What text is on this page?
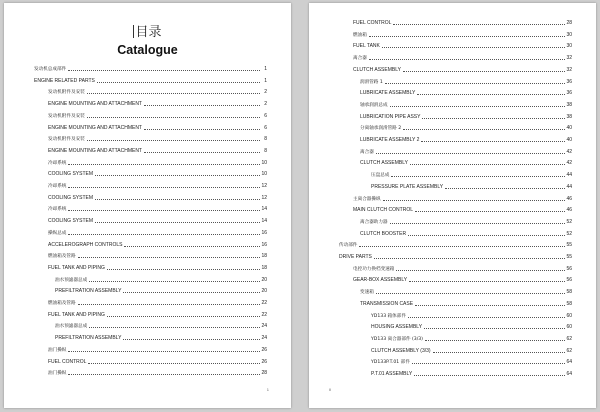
目录
Catalogue
发动机总成部件	1
ENGINE RELATED PARTS	1
发动机附件及安装	2
ENGINE MOUNTING AND ATTACHMENT	2
发动机附件及安装	6
ENGINE MOUNTING AND ATTACHMENT	6
发动机附件及安装	8
ENGINE MOUNTING AND ATTACHMENT	8
冷却系统	10
COOLING SYSTEM	10
冷却系统	12
COOLING SYSTEM	12
冷却系统	14
COOLING SYSTEM	14
操纵总成	16
ACCELEROGRAPH CONTROLS	16
燃油箱及管路	18
FUEL TANK AND PIPING	18
油水预滤器总成	20
PREFILTRATION ASSEMBLY	20
燃油箱及管路	22
FUEL TANK AND PIPING	22
油水预滤器总成	24
PREFILTRATION ASSEMBLY	24
油门操纵	26
FUEL CONTROL	26
油门操纵	28
1
FUEL CONTROL	28
燃油箱	30
FUEL TANK	30
离合器	32
CLUTCH ASSEMBLY	32
润滑管路 1	36
LUBRICATE ASSEMBLY	36
轴承润滑总成	38
LUBRICATION PIPE ASSY	38
分离轴承润滑管路 2	40
LUBRICATE ASSEMBLY 2	40
离合器	42
CLUTCH ASSEMBLY	42
压盘总成	44
PRESSURE PLATE ASSEMBLY	44
主离合器操纵	46
MAIN CLUTCH CONTROL	46
离合器助力器	52
CLUTCH BOOSTER	52
传动部件	55
DRIVE PARTS	55
电控功力换档变速箱	56
GEAR-BOX ASSEMBLY	56
变速箱	58
TRANSMISSION CASE	58
YD133 箱体部件	60
HOUSING ASSEMBLY	60
YD133 离合器部件 (3/3)	62
CLUTCH ASSEMBLY (3/3)	62
YD133P.T.01 部件	64
P.T.01 ASSEMBLY	64
II
